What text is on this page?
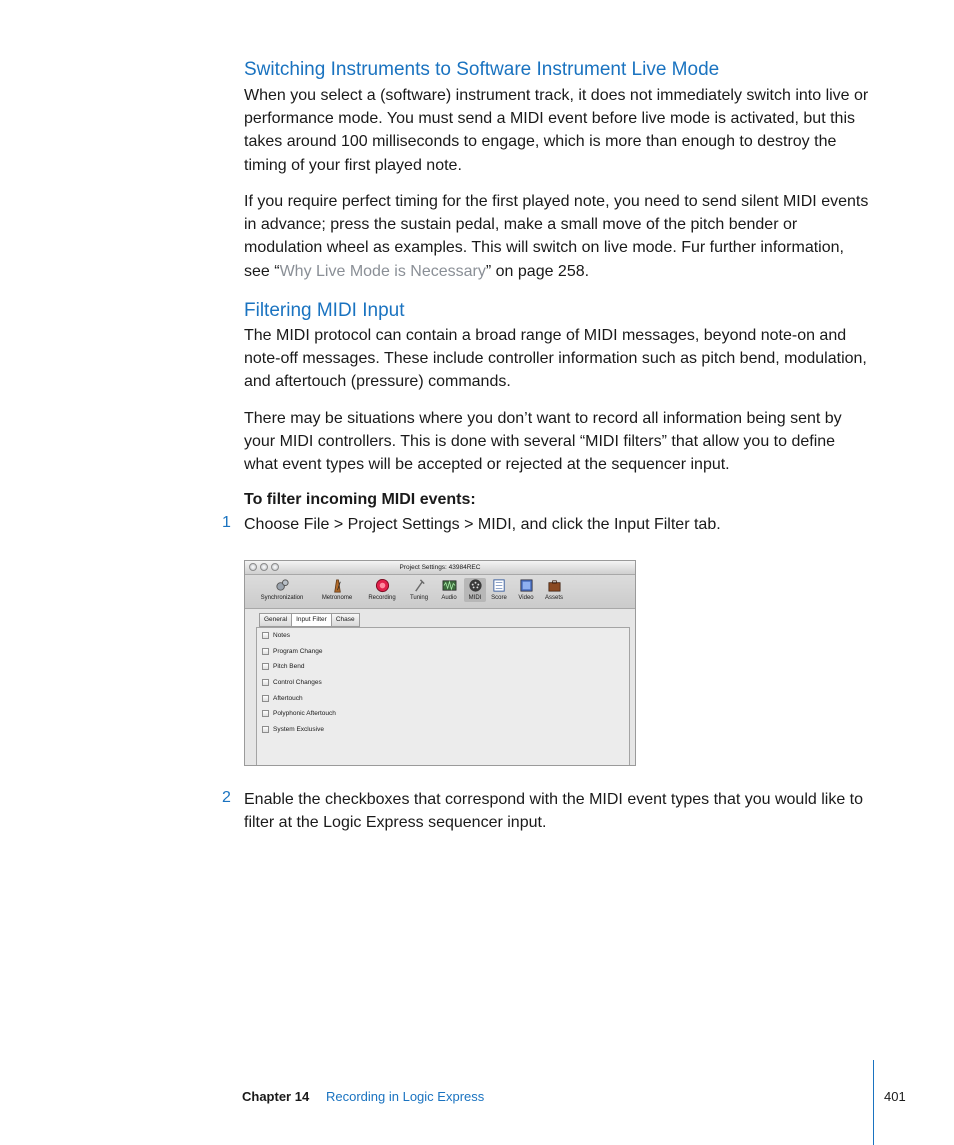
Switching Instruments to Software Instrument Live Mode

When you select a (software) instrument track, it does not immediately switch into live or performance mode. You must send a MIDI event before live mode is activated, but this takes around 100 milliseconds to engage, which is more than enough to destroy the timing of your first played note.

If you require perfect timing for the first played note, you need to send silent MIDI events in advance; press the sustain pedal, make a small move of the pitch bender or modulation wheel as examples. This will switch on live mode. Fur further information, see “Why Live Mode is Necessary” on page 258.

Filtering MIDI Input

The MIDI protocol can contain a broad range of MIDI messages, beyond note-on and note-off messages. These include controller information such as pitch bend, modulation, and aftertouch (pressure) commands.

There may be situations where you don’t want to record all information being sent by your MIDI controllers. This is done with several “MIDI filters” that allow you to define what event types will be accepted or rejected at the sequencer input.

To filter incoming MIDI events:

1 Choose File > Project Settings > MIDI, and click the Input Filter tab.

Project Settings: 43984REC
Synchronization	Metronome	Recording	Tuning	Audio	MIDI	Score	Video	Assets
General	Input Filter	Chase
Notes
Program Change
Pitch Bend
Control Changes
Aftertouch
Polyphonic Aftertouch
System Exclusive
2 Enable the checkboxes that correspond with the MIDI event types that you would like to filter at the Logic Express sequencer input.

Chapter 14 Recording in Logic Express	401
